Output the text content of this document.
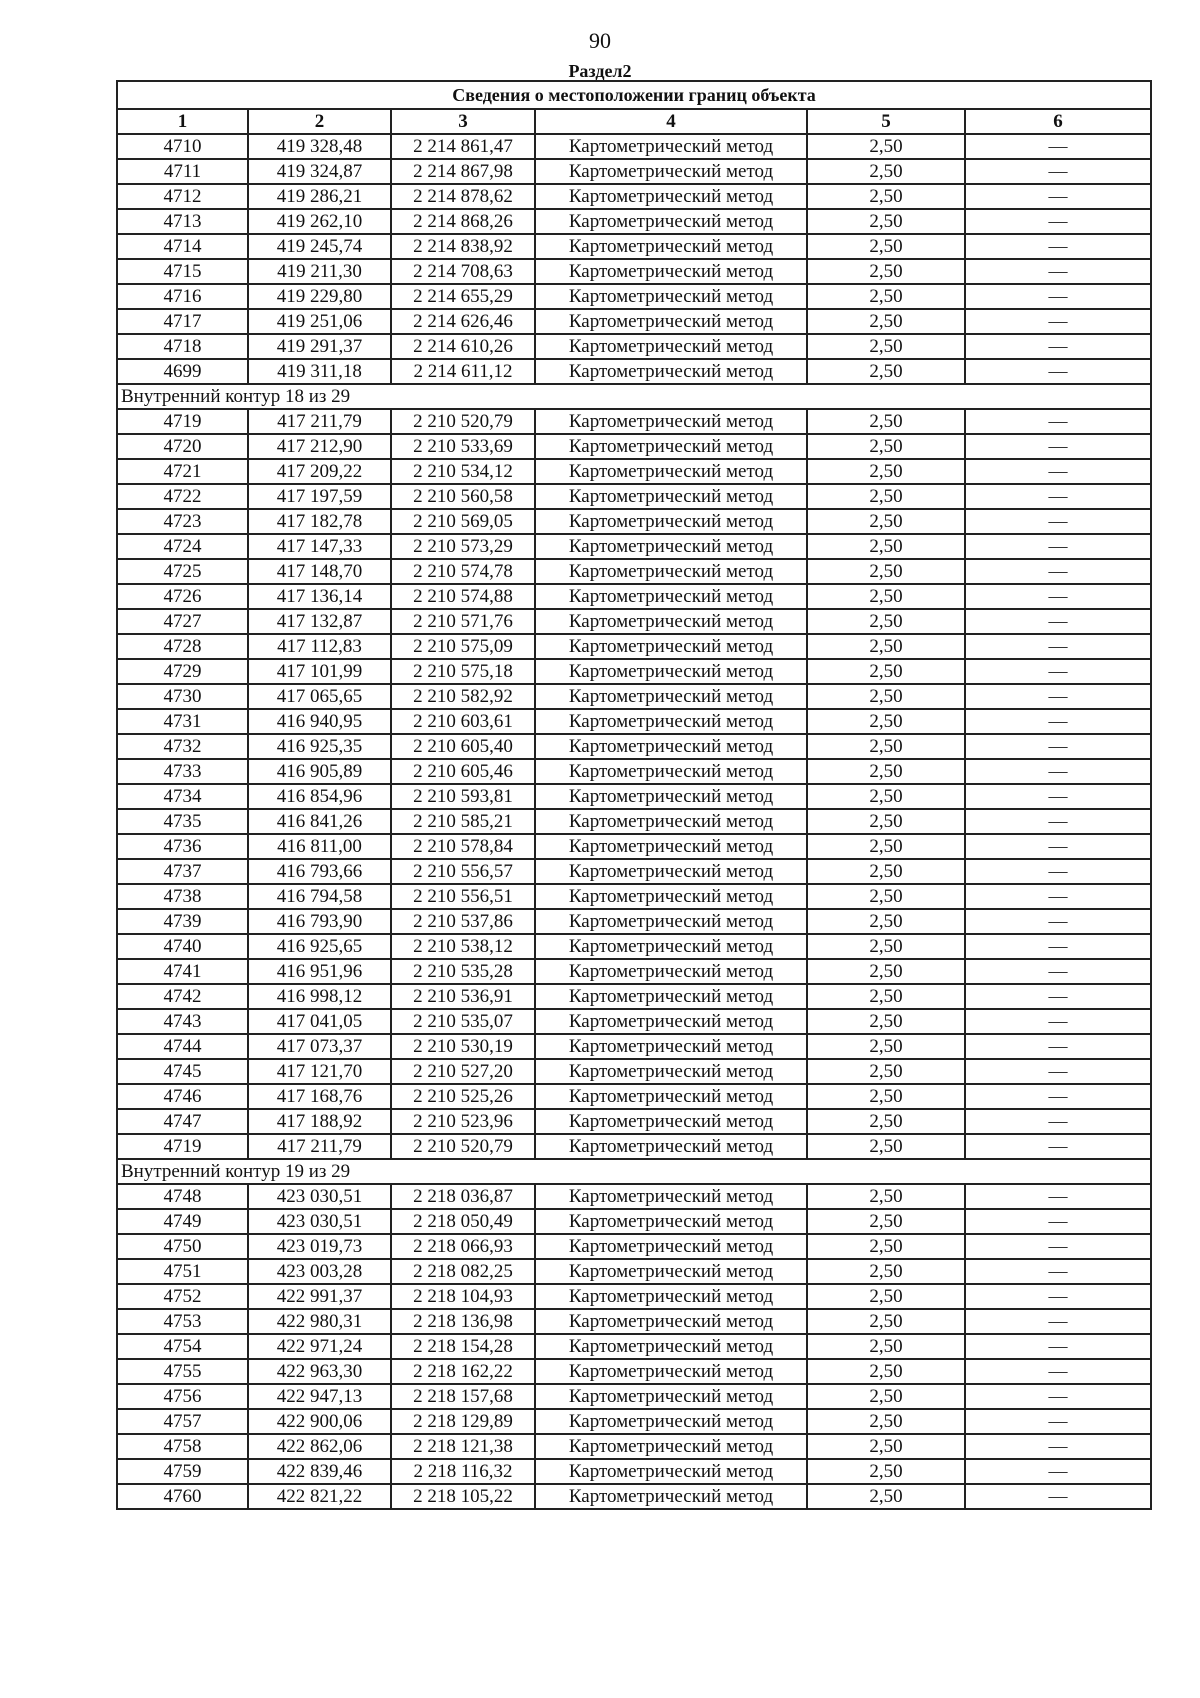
90
Раздел2
Сведения о местоположении границ объекта					
1	2	3	4	5	6
4710	419 328,48	2 214 861,47	Картометрический метод	2,50	—
4711	419 324,87	2 214 867,98	Картометрический метод	2,50	—
4712	419 286,21	2 214 878,62	Картометрический метод	2,50	—
4713	419 262,10	2 214 868,26	Картометрический метод	2,50	—
4714	419 245,74	2 214 838,92	Картометрический метод	2,50	—
4715	419 211,30	2 214 708,63	Картометрический метод	2,50	—
4716	419 229,80	2 214 655,29	Картометрический метод	2,50	—
4717	419 251,06	2 214 626,46	Картометрический метод	2,50	—
4718	419 291,37	2 214 610,26	Картометрический метод	2,50	—
4699	419 311,18	2 214 611,12	Картометрический метод	2,50	—
Внутренний контур 18 из 29					
4719	417 211,79	2 210 520,79	Картометрический метод	2,50	—
4720	417 212,90	2 210 533,69	Картометрический метод	2,50	—
4721	417 209,22	2 210 534,12	Картометрический метод	2,50	—
4722	417 197,59	2 210 560,58	Картометрический метод	2,50	—
4723	417 182,78	2 210 569,05	Картометрический метод	2,50	—
4724	417 147,33	2 210 573,29	Картометрический метод	2,50	—
4725	417 148,70	2 210 574,78	Картометрический метод	2,50	—
4726	417 136,14	2 210 574,88	Картометрический метод	2,50	—
4727	417 132,87	2 210 571,76	Картометрический метод	2,50	—
4728	417 112,83	2 210 575,09	Картометрический метод	2,50	—
4729	417 101,99	2 210 575,18	Картометрический метод	2,50	—
4730	417 065,65	2 210 582,92	Картометрический метод	2,50	—
4731	416 940,95	2 210 603,61	Картометрический метод	2,50	—
4732	416 925,35	2 210 605,40	Картометрический метод	2,50	—
4733	416 905,89	2 210 605,46	Картометрический метод	2,50	—
4734	416 854,96	2 210 593,81	Картометрический метод	2,50	—
4735	416 841,26	2 210 585,21	Картометрический метод	2,50	—
4736	416 811,00	2 210 578,84	Картометрический метод	2,50	—
4737	416 793,66	2 210 556,57	Картометрический метод	2,50	—
4738	416 794,58	2 210 556,51	Картометрический метод	2,50	—
4739	416 793,90	2 210 537,86	Картометрический метод	2,50	—
4740	416 925,65	2 210 538,12	Картометрический метод	2,50	—
4741	416 951,96	2 210 535,28	Картометрический метод	2,50	—
4742	416 998,12	2 210 536,91	Картометрический метод	2,50	—
4743	417 041,05	2 210 535,07	Картометрический метод	2,50	—
4744	417 073,37	2 210 530,19	Картометрический метод	2,50	—
4745	417 121,70	2 210 527,20	Картометрический метод	2,50	—
4746	417 168,76	2 210 525,26	Картометрический метод	2,50	—
4747	417 188,92	2 210 523,96	Картометрический метод	2,50	—
4719	417 211,79	2 210 520,79	Картометрический метод	2,50	—
Внутренний контур 19 из 29					
4748	423 030,51	2 218 036,87	Картометрический метод	2,50	—
4749	423 030,51	2 218 050,49	Картометрический метод	2,50	—
4750	423 019,73	2 218 066,93	Картометрический метод	2,50	—
4751	423 003,28	2 218 082,25	Картометрический метод	2,50	—
4752	422 991,37	2 218 104,93	Картометрический метод	2,50	—
4753	422 980,31	2 218 136,98	Картометрический метод	2,50	—
4754	422 971,24	2 218 154,28	Картометрический метод	2,50	—
4755	422 963,30	2 218 162,22	Картометрический метод	2,50	—
4756	422 947,13	2 218 157,68	Картометрический метод	2,50	—
4757	422 900,06	2 218 129,89	Картометрический метод	2,50	—
4758	422 862,06	2 218 121,38	Картометрический метод	2,50	—
4759	422 839,46	2 218 116,32	Картометрический метод	2,50	—
4760	422 821,22	2 218 105,22	Картометрический метод	2,50	—
